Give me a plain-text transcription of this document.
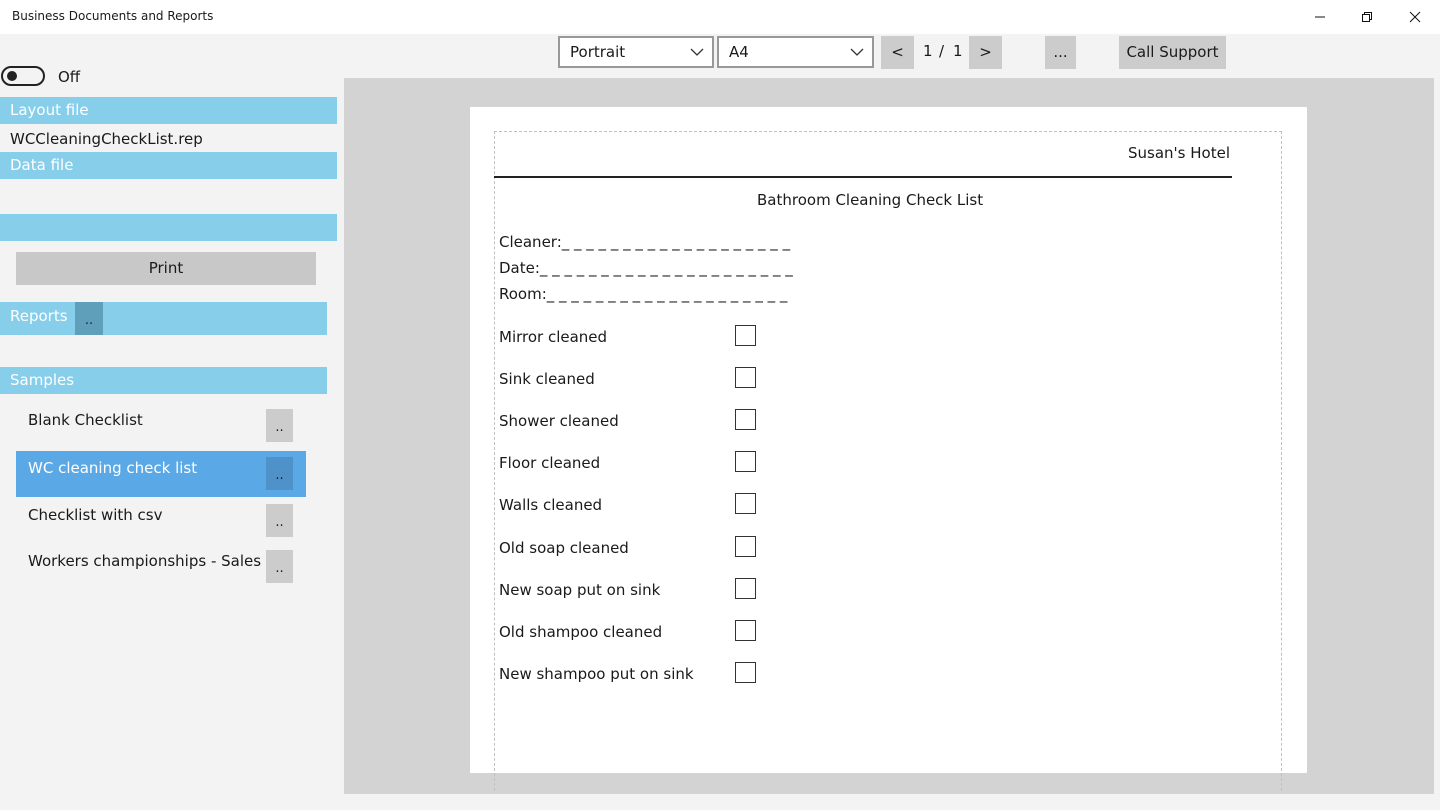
Business Documents and Reports
Off
Layout file
WCCleaningCheckList.rep
Data file
Print
Reports	..
Samples
Blank Checklist	..
WC cleaning check list	..
Checklist with csv	..
Workers championships - Sales	..
Portrait	A4	<	1 / 1	>	...	Call Support
Susan's Hotel
Bathroom Cleaning Check List
Cleaner:_ _ _ _ _ _ _ _ _ _ _ _ _ _ _ _ _ _ _
Date:_ _ _ _ _ _ _ _ _ _ _ _ _ _ _ _ _ _ _ _ _
Room:_ _ _ _ _ _ _ _ _ _ _ _ _ _ _ _ _ _ _ _
Mirror cleaned
Sink cleaned
Shower cleaned
Floor cleaned
Walls cleaned
Old soap cleaned
New soap put on sink
Old shampoo cleaned
New shampoo put on sink
